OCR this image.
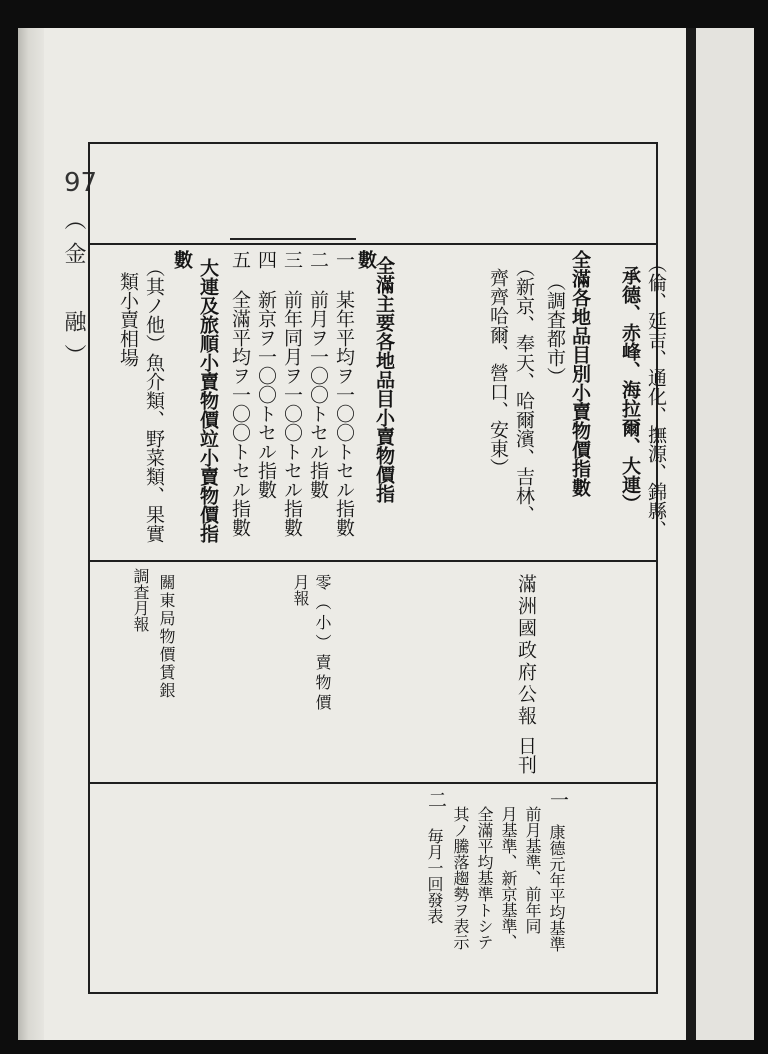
97
（金　融）	全滿各地品目別小賣物價指數
（調査都市）
（新京、奉天、哈爾濱、吉林、
齊齊哈爾、營口、安東）	承德、赤峰、海拉爾、大連） （倫、延吉、通化、撫源、錦縣、
全滿主要各地品目小賣物價指
數
一
某年平均ヲ一〇〇トセル指數
二
前月ヲ一〇〇トセル指數
三
前年同月ヲ一〇〇トセル指數
四
新京ヲ一〇〇トセル指數
五
全滿平均ヲ一〇〇トセル指數
大連及旅順小賣物價竝小賣物價指
數
（其ノ他）魚介類、野菜類、果實
類小賣相場
滿洲國政府公報
日刊
零（小）賣物價
月報
關東局物價賃銀
調査月報
一
康德元年平均基準
前月基準、前年同
月基準、新京基準、
全滿平均基準トシテ
其ノ騰落趨勢ヲ表示
二
毎月一回發表
